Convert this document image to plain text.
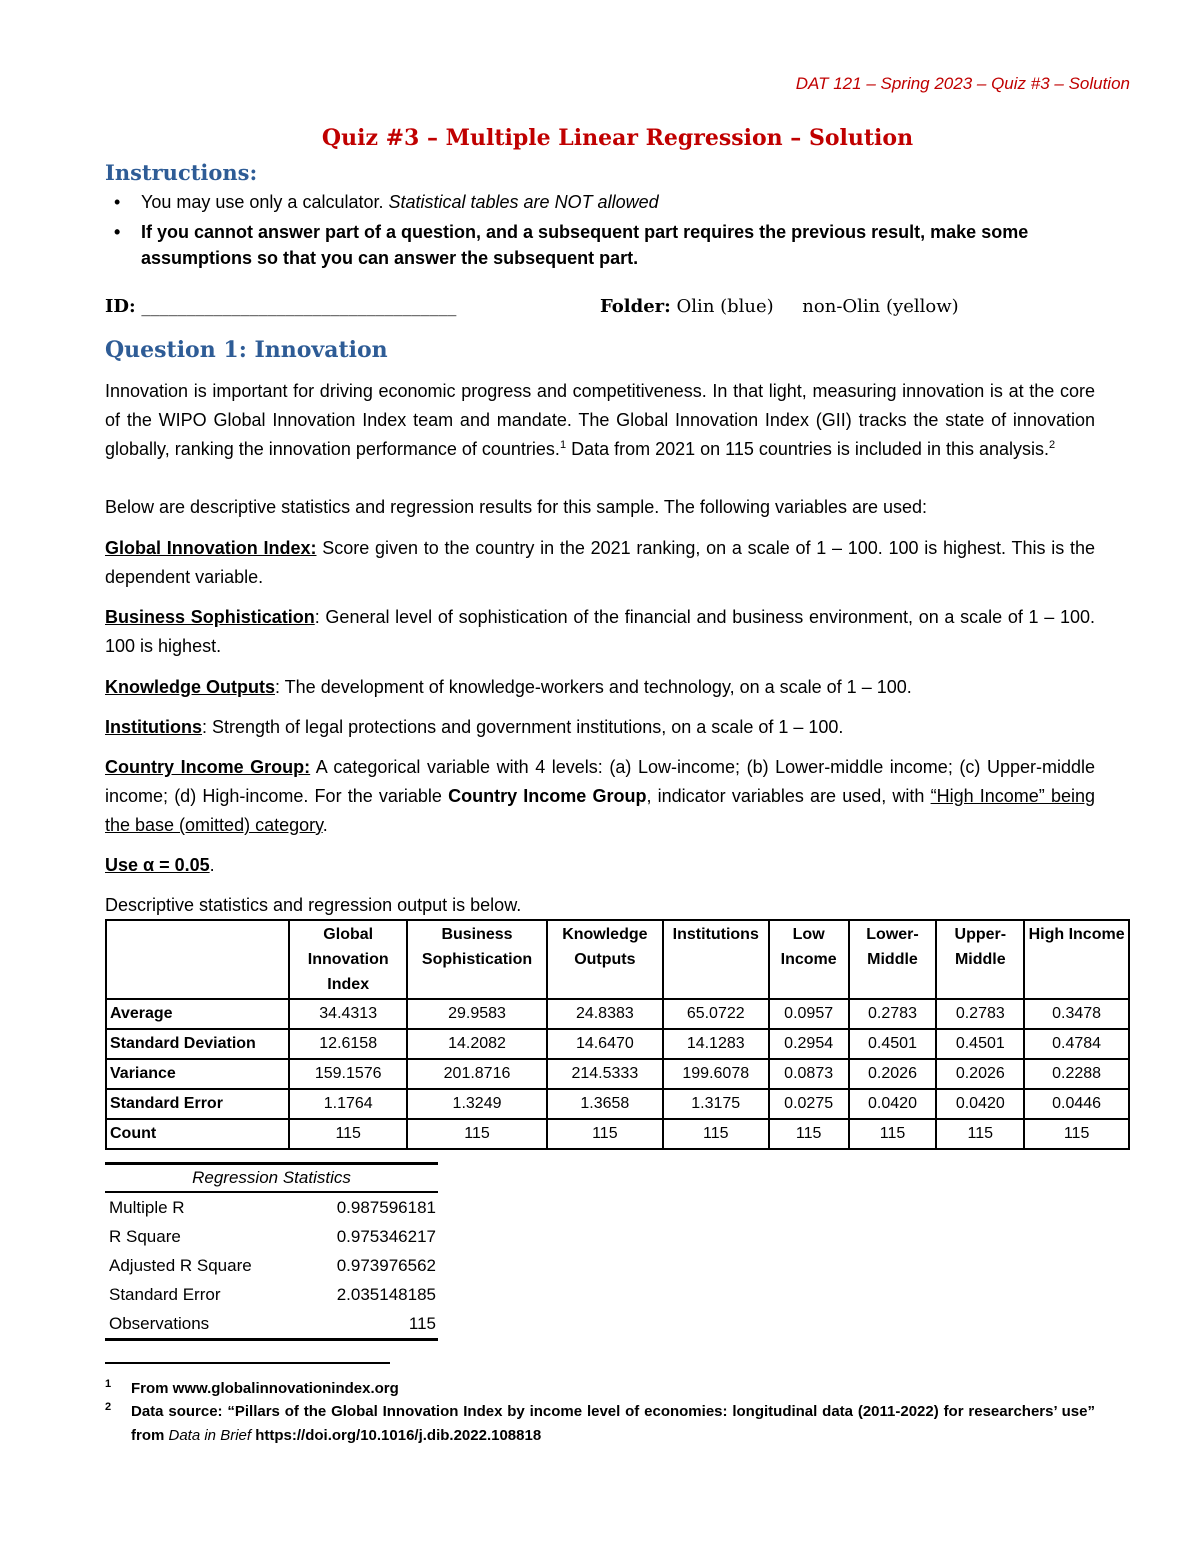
DAT 121 – Spring 2023 – Quiz #3 – Solution
Quiz #3 – Multiple Linear Regression – Solution
Instructions:
• You may use only a calculator. Statistical tables are NOT allowed
• If you cannot answer part of a question, and a subsequent part requires the previous result, make some assumptions so that you can answer the subsequent part.
ID: ___________________________________	Folder: Olin (blue)     non-Olin (yellow)
Question 1: Innovation
Innovation is important for driving economic progress and competitiveness. In that light, measuring innovation is at the core of the WIPO Global Innovation Index team and mandate. The Global Innovation Index (GII) tracks the state of innovation globally, ranking the innovation performance of countries.$^1$ Data from 2021 on 115 countries is included in this analysis.$^2$
Below are descriptive statistics and regression results for this sample. The following variables are used:
Global Innovation Index: Score given to the country in the 2021 ranking, on a scale of 1 – 100. 100 is highest. This is the dependent variable.
Business Sophistication: General level of sophistication of the financial and business environment, on a scale of 1 – 100. 100 is highest.
Knowledge Outputs: The development of knowledge-workers and technology, on a scale of 1 – 100.
Institutions: Strength of legal protections and government institutions, on a scale of 1 – 100.
Country Income Group: A categorical variable with 4 levels: (a) Low-income; (b) Lower-middle income; (c) Upper-middle income; (d) High-income. For the variable Country Income Group, indicator variables are used, with “High Income” being the base (omitted) category.
Use α = 0.05.
Descriptive statistics and regression output is below.
	Global Innovation Index	Business Sophistication	Knowledge Outputs	Institutions	Low Income	Lower-Middle	Upper-Middle	High Income
Average	34.4313	29.9583	24.8383	65.0722	0.0957	0.2783	0.2783	0.3478
Standard Deviation	12.6158	14.2082	14.6470	14.1283	0.2954	0.4501	0.4501	0.4784
Variance	159.1576	201.8716	214.5333	199.6078	0.0873	0.2026	0.2026	0.2288
Standard Error	1.1764	1.3249	1.3658	1.3175	0.0275	0.0420	0.0420	0.0446
Count	115	115	115	115	115	115	115	115
Regression Statistics
Multiple R	0.987596181
R Square	0.975346217
Adjusted R Square	0.973976562
Standard Error	2.035148185
Observations	115
1	From www.globalinnovationindex.org
2	Data source: “Pillars of the Global Innovation Index by income level of economies: longitudinal data (2011-2022) for researchers’ use” from Data in Brief https://doi.org/10.1016/j.dib.2022.108818
